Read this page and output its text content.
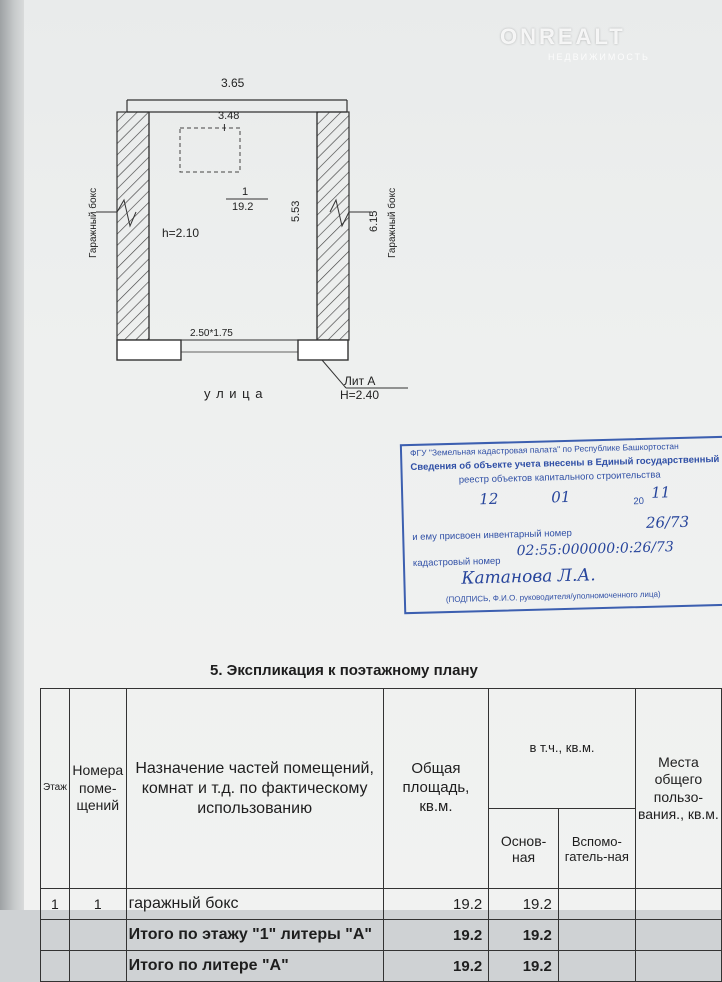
3.65
3.48
I
1
19.2
h=2.10
5.53	6.15
Гаражный бокс	Гаражный бокс
2.50*1.75
у л и ц а
Лит А
H=2.40
ONREALT
НЕДВИЖИМОСТЬ
ФГУ "Земельная кадастровая палата" по Республике Башкортостан
Сведения об объекте учета внесены в Единый государственный
реестр объектов капитального строительства
12	01	20 11
и ему присвоен инвентарный номер
26/73
кадастровый номер
02:55:000000:0:26/73
Катанова Л.А.
(ПОДПИСЬ, Ф.И.О. руководителя/уполномоченного лица)
5. Экспликация к поэтажному плану
Этаж	Номера поме-щений	Назначение частей помещений, комнат и т.д. по фактическому использованию	Общая площадь, кв.м.	в т.ч., кв.м.		Места общего пользо-вания., кв.м.
				Основ-ная	Вспомо-гатель-ная	
1	1	гаражный бокс	19.2	19.2		
		Итого по этажу "1" литеры "А"	19.2	19.2		
		Итого по литере "А"	19.2	19.2		
